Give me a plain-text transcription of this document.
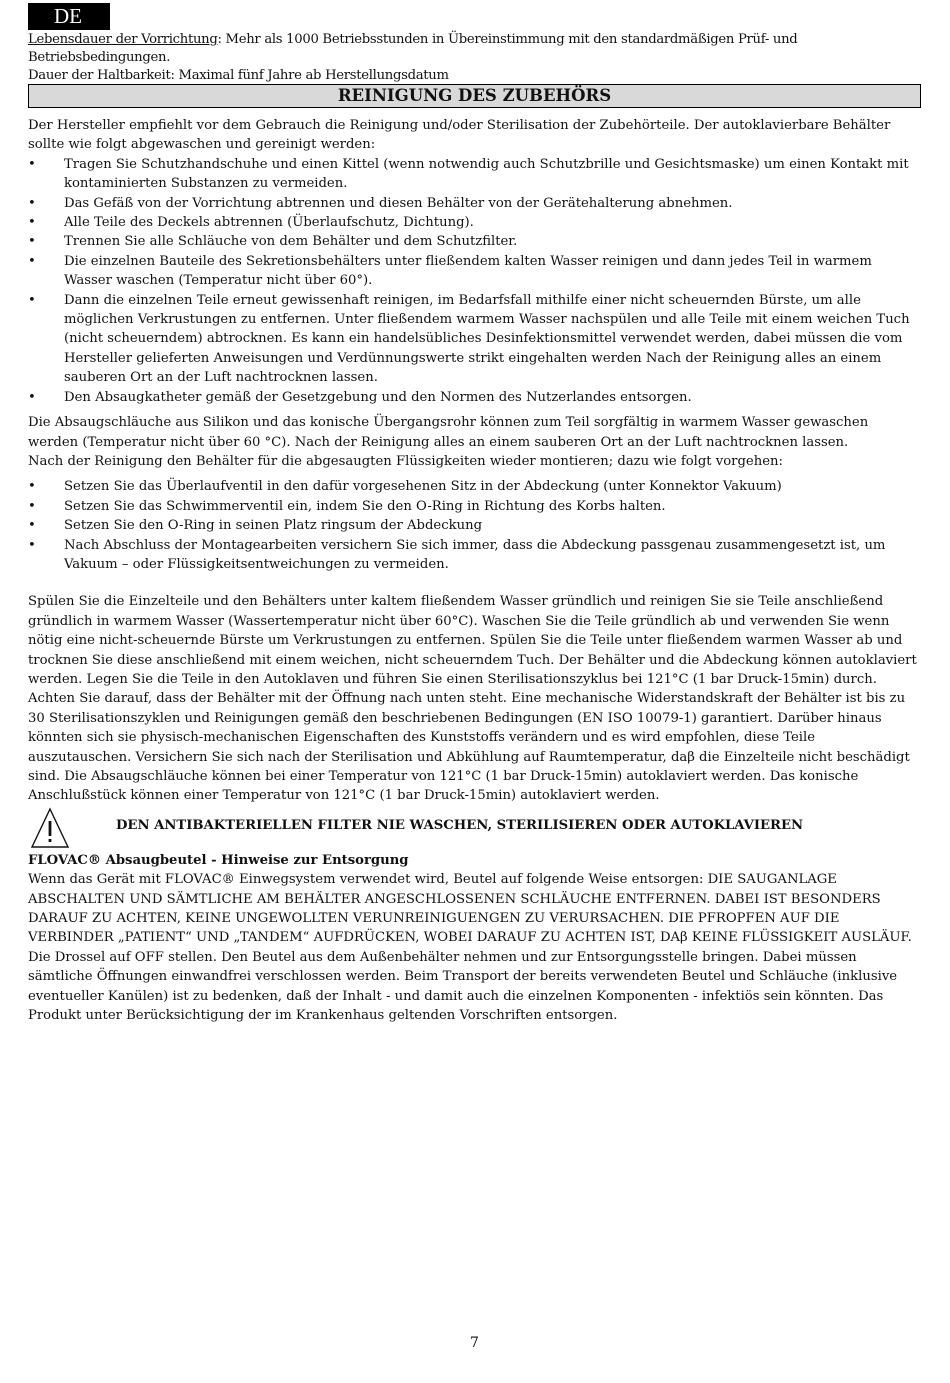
DE
Lebensdauer der Vorrichtung: Mehr als 1000 Betriebsstunden in Übereinstimmung mit den standardmäßigen Prüf- und Betriebsbedingungen.
Dauer der Haltbarkeit: Maximal fünf Jahre ab Herstellungsdatum
REINIGUNG DES ZUBEHÖRS

Der Hersteller empfiehlt vor dem Gebrauch die Reinigung und/oder Sterilisation der Zubehörteile. Der autoklavierbare Behälter sollte wie folgt abgewaschen und gereinigt werden:

• Tragen Sie Schutzhandschuhe und einen Kittel (wenn notwendig auch Schutzbrille und Gesichtsmaske) um einen Kontakt mit kontaminierten Substanzen zu vermeiden.
• Das Gefäß von der Vorrichtung abtrennen und diesen Behälter von der Gerätehalterung abnehmen.
• Alle Teile des Deckels abtrennen (Überlaufschutz, Dichtung).
• Trennen Sie alle Schläuche von dem Behälter und dem Schutzfilter.
• Die einzelnen Bauteile des Sekretionsbehälters unter fließendem kalten Wasser reinigen und dann jedes Teil in warmem Wasser waschen (Temperatur nicht über 60°).
• Dann die einzelnen Teile erneut gewissenhaft reinigen, im Bedarfsfall mithilfe einer nicht scheuernden Bürste, um alle möglichen Verkrustungen zu entfernen. Unter fließendem warmem Wasser nachspülen und alle Teile mit einem weichen Tuch (nicht scheuerndem) abtrocknen. Es kann ein handelsübliches Desinfektionsmittel verwendet werden, dabei müssen die vom Hersteller gelieferten Anweisungen und Verdünnungswerte strikt eingehalten werden Nach der Reinigung alles an einem sauberen Ort an der Luft nachtrocknen lassen.
• Den Absaugkatheter gemäß der Gesetzgebung und den Normen des Nutzerlandes entsorgen.

Die Absaugschläuche aus Silikon und das konische Übergangsrohr können zum Teil sorgfältig in warmem Wasser gewaschen werden (Temperatur nicht über 60 °C). Nach der Reinigung alles an einem sauberen Ort an der Luft nachtrocknen lassen.

Nach der Reinigung den Behälter für die abgesaugten Flüssigkeiten wieder montieren; dazu wie folgt vorgehen:

• Setzen Sie das Überlaufventil in den dafür vorgesehenen Sitz in der Abdeckung (unter Konnektor Vakuum)
• Setzen Sie das Schwimmerventil ein, indem Sie den O-Ring in Richtung des Korbs halten.
• Setzen Sie den O-Ring in seinen Platz ringsum der Abdeckung
• Nach Abschluss der Montagearbeiten versichern Sie sich immer, dass die Abdeckung passgenau zusammengesetzt ist, um Vakuum – oder Flüssigkeitsentweichungen zu vermeiden.

Spülen Sie die Einzelteile und den Behälters unter kaltem fließendem Wasser gründlich und reinigen Sie sie Teile anschließend gründlich in warmem Wasser (Wassertemperatur nicht über 60°C). Waschen Sie die Teile gründlich ab und verwenden Sie wenn nötig eine nicht-scheuernde Bürste um Verkrustungen zu entfernen. Spülen Sie die Teile unter fließendem warmen Wasser ab und trocknen Sie diese anschließend mit einem weichen, nicht scheuerndem Tuch. Der Behälter und die Abdeckung können autoklaviert werden. Legen Sie die Teile in den Autoklaven und führen Sie einen Sterilisationszyklus bei 121°C (1 bar Druck-15min) durch. Achten Sie darauf, dass der Behälter mit der Öffnung nach unten steht. Eine mechanische Widerstandskraft der Behälter ist bis zu 30 Sterilisationszyklen und Reinigungen gemäß den beschriebenen Bedingungen (EN ISO 10079-1) garantiert. Darüber hinaus könnten sich sie physisch-mechanischen Eigenschaften des Kunststoffs verändern und es wird empfohlen, diese Teile auszutauschen. Versichern Sie sich nach der Sterilisation und Abkühlung auf Raumtemperatur, daβ die Einzelteile nicht beschädigt sind. Die Absaugschläuche können bei einer Temperatur von 121°C (1 bar Druck-15min) autoklaviert werden. Das konische Anschlußstück können einer Temperatur von 121°C (1 bar Druck-15min) autoklaviert werden.

DEN ANTIBAKTERIELLEN FILTER NIE WASCHEN, STERILISIEREN ODER AUTOKLAVIEREN

FLOVAC® Absaugbeutel - Hinweise zur Entsorgung

Wenn das Gerät mit FLOVAC® Einwegsystem verwendet wird, Beutel auf folgende Weise entsorgen: DIE SAUGANLAGE ABSCHALTEN UND SÄMTLICHE AM BEHÄLTER ANGESCHLOSSENEN SCHLÄUCHE ENTFERNEN. DABEI IST BESONDERS DARAUF ZU ACHTEN, KEINE UNGEWOLLTEN VERUNREINIGUENGEN ZU VERURSACHEN. DIE PFROPFEN AUF DIE VERBINDER „PATIENT“ UND „TANDEM“ AUFDRÜCKEN, WOBEI DARAUF ZU ACHTEN IST, DAβ KEINE FLÜSSIGKEIT AUSLÄUF. Die Drossel auf OFF stellen. Den Beutel aus dem Außenbehälter nehmen und zur Entsorgungsstelle bringen. Dabei müssen sämtliche Öffnungen einwandfrei verschlossen werden. Beim Transport der bereits verwendeten Beutel und Schläuche (inklusive eventueller Kanülen) ist zu bedenken, daß der Inhalt - und damit auch die einzelnen Komponenten - infektiös sein könnten. Das Produkt unter Berücksichtigung der im Krankenhaus geltenden Vorschriften entsorgen.

7
